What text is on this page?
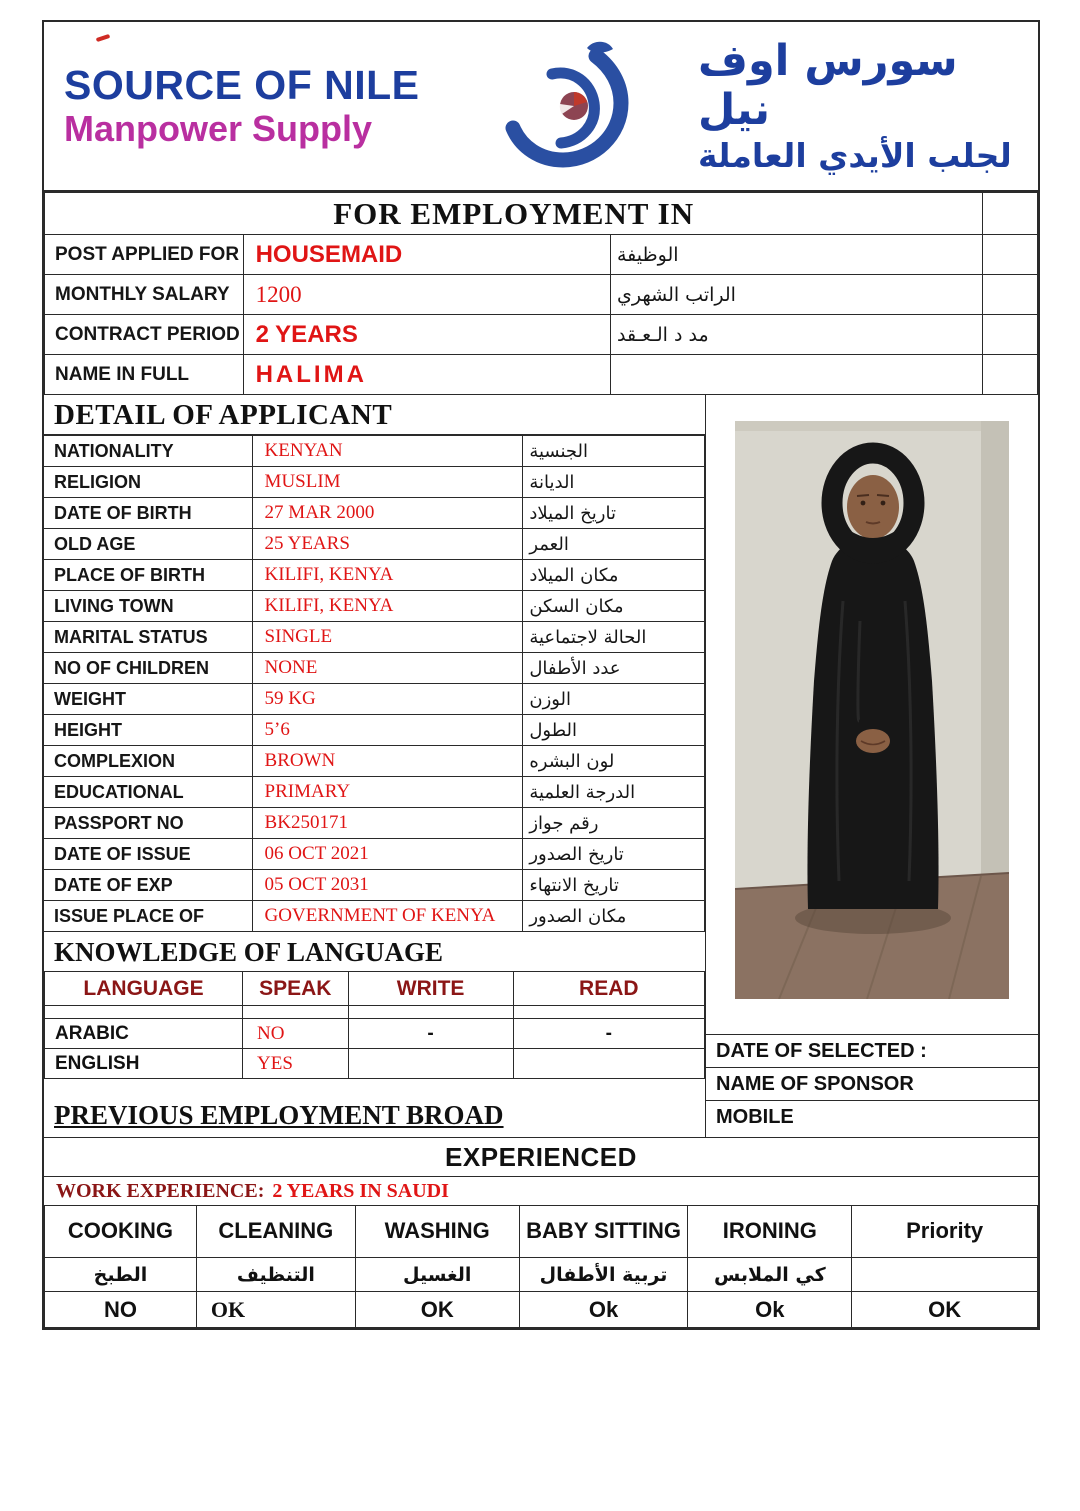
SOURCE OF NILE
Manpower Supply
سورس اوف نيل
لجلب الأيدي العاملة
FOR EMPLOYMENT IN			
POST APPLIED FOR	HOUSEMAID	الوظيفة	
MONTHLY SALARY	1200	الراتب الشهري	
CONTRACT PERIOD	2 YEARS	مد د الـعـقد	
NAME IN FULL	HALIMA		
DETAIL OF APPLICANT
NATIONALITY	KENYAN	الجنسية
RELIGION	MUSLIM	الديانة
DATE OF BIRTH	27 MAR 2000	تاريخ الميلاد
OLD AGE	25 YEARS	العمر
PLACE OF BIRTH	KILIFI, KENYA	مكان الميلاد
LIVING TOWN	KILIFI, KENYA	مكان السكن
MARITAL STATUS	SINGLE	الحالة لاجتماعية
NO OF CHILDREN	NONE	عدد الأطفال
WEIGHT	59 KG	الوزن
HEIGHT	5’6	الطول
COMPLEXION	BROWN	لون البشره
EDUCATIONAL	PRIMARY	الدرجة العلمية
PASSPORT NO	BK250171	رقم جواز
DATE OF ISSUE	06 OCT 2021	تاريخ الصدور
DATE OF EXP	05 OCT 2031	تاريخ الانتهاء
ISSUE PLACE OF	GOVERNMENT OF KENYA	مكان الصدور
KNOWLEDGE OF LANGUAGE
LANGUAGE	SPEAK	WRITE	READ

ARABIC	NO	-	-
ENGLISH	YES		
PREVIOUS EMPLOYMENT BROAD
DATE OF SELECTED :
NAME OF SPONSOR
MOBILE
EXPERIENCED
WORK EXPERIENCE: 2 YEARS IN SAUDI
COOKING	CLEANING	WASHING	BABY SITTING	IRONING	Priority
الطبخ	التنظيف	الغسيل	تربية الأطفال	كي الملابس	
NO	OK	OK	Ok	Ok	OK
